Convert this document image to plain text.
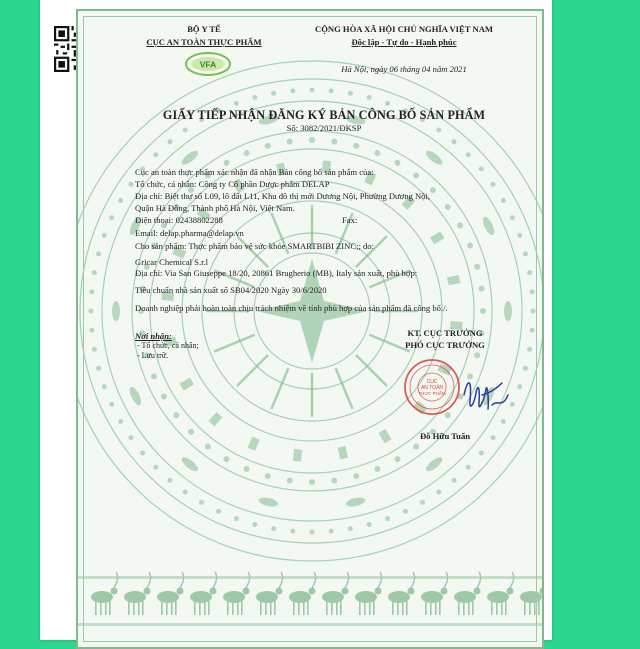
BỘ Y TẾ
CỤC AN TOÀN THỰC PHẨM
VFA
CỘNG HÒA XÃ HỘI CHỦ NGHĨA VIỆT NAM
Độc lập - Tự do - Hạnh phúc
Hà Nội, ngày 06 tháng 04 năm 2021
GIẤY TIẾP NHẬN ĐĂNG KÝ BẢN CÔNG BỐ SẢN PHẨM
Số: 3082/2021/ĐKSP
Cục an toàn thực phẩm xác nhận đã nhận Bản công bố sản phẩm của:
Tổ chức, cá nhân: Công ty Cổ phần Dược phẩm DELAP
Địa chỉ: Biệt thự số L09, lô đất L11, Khu đô thị mới Dương Nội, Phường Dương Nội,
Quận Hà Đông, Thành phố Hà Nội, Việt Nam.
Điện thoại: 02438802288	Fax:
Email: delap.pharma@delap.vn
Cho sản phẩm: Thực phẩm bảo vệ sức khỏe SMARTBIBI ZINC;; do:
Gricar Chemical S.r.l
Địa chỉ: Via San Giuseppe 18/20, 20861 Brugherio (MB), Italy sản xuất, phù hợp:
Tiêu chuẩn nhà sản xuất số SB04/2020 Ngày 30/6/2020
Doanh nghiệp phải hoàn toàn chịu trách nhiệm về tính phù hợp của sản phẩm đã công bố./.
Nơi nhận:
- Tổ chức, cá nhân;
- Lưu trữ.
KT. CỤC TRƯỞNG
PHÓ CỤC TRƯỞNG
CỤC
AN TOÀN
THỰC PHẨM
Đỗ Hữu Tuấn
